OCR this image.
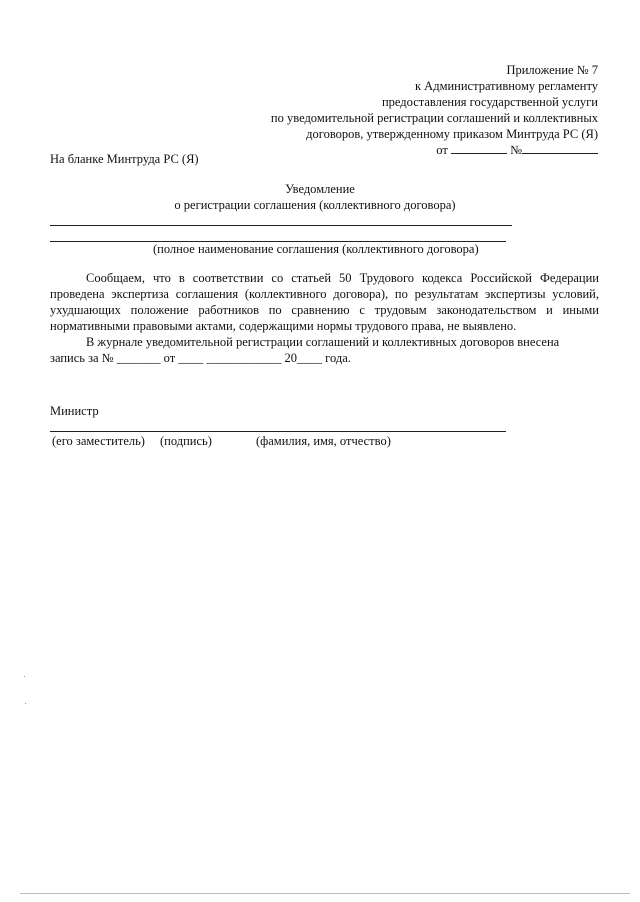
Приложение № 7
к Административному регламенту
предоставления государственной услуги
по уведомительной регистрации соглашений и коллективных
договоров, утвержденному приказом Минтруда РС (Я)
от	№
На бланке Минтруда РС (Я)
Уведомление
о регистрации соглашения (коллективного договора)
(полное наименование соглашения (коллективного договора)

Сообщаем, что в соответствии со статьей 50 Трудового кодекса Российской Федерации проведена экспертиза соглашения (коллективного договора), по результатам экспертизы условий, ухудшающих положение работников по сравнению с трудовым законодательством и иными нормативными правовыми актами, содержащими нормы трудового права, не выявлено.

В журнале уведомительной регистрации соглашений и коллективных договоров внесена

запись за № _______ от ____ ____________ 20____ года.

Министр
(его заместитель) (подпись)	(фамилия, имя, отчество)
